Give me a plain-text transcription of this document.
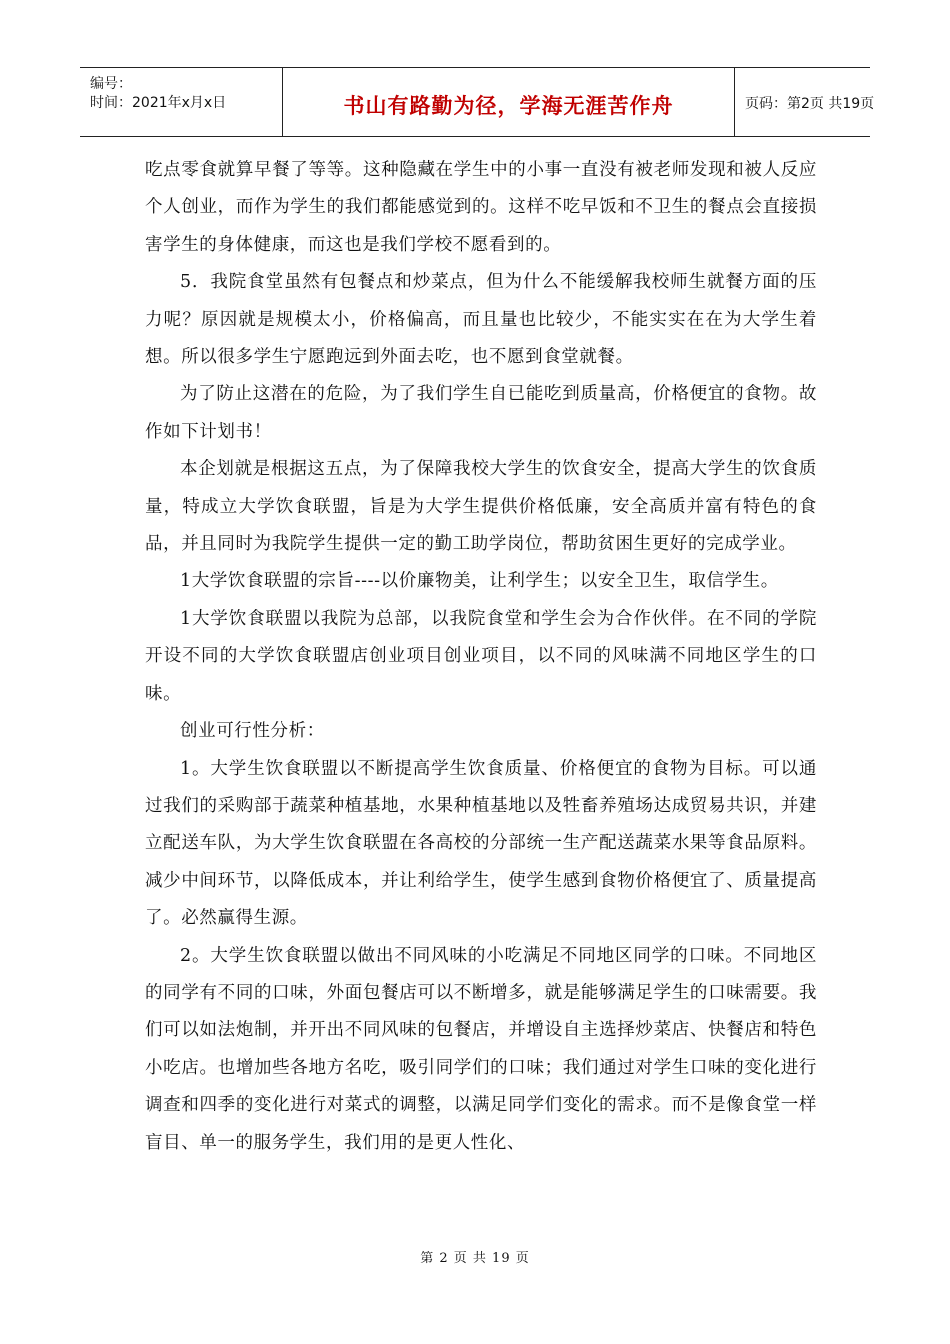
编号：
时间：2021年x月x日	书山有路勤为径，学海无涯苦作舟	页码：第2页 共19页

吃点零食就算早餐了等等。这种隐藏在学生中的小事一直没有被老师发现和被人反应个人创业，而作为学生的我们都能感觉到的。这样不吃早饭和不卫生的餐点会直接损害学生的身体健康，而这也是我们学校不愿看到的。

5．我院食堂虽然有包餐点和炒菜点，但为什么不能缓解我校师生就餐方面的压力呢？原因就是规模太小，价格偏高，而且量也比较少，不能实实在在为大学生着想。所以很多学生宁愿跑远到外面去吃，也不愿到食堂就餐。

为了防止这潜在的危险，为了我们学生自已能吃到质量高，价格便宜的食物。故作如下计划书！

本企划就是根据这五点，为了保障我校大学生的饮食安全，提高大学生的饮食质量，特成立大学饮食联盟，旨是为大学生提供价格低廉，安全高质并富有特色的食品，并且同时为我院学生提供一定的勤工助学岗位，帮助贫困生更好的完成学业。

1大学饮食联盟的宗旨----以价廉物美，让利学生；以安全卫生，取信学生。

1大学饮食联盟以我院为总部，以我院食堂和学生会为合作伙伴。在不同的学院开设不同的大学饮食联盟店创业项目创业项目，以不同的风味满不同地区学生的口味。

创业可行性分析：

1。大学生饮食联盟以不断提高学生饮食质量、价格便宜的食物为目标。可以通过我们的采购部于蔬菜种植基地，水果种植基地以及牲畜养殖场达成贸易共识，并建立配送车队，为大学生饮食联盟在各高校的分部统一生产配送蔬菜水果等食品原料。减少中间环节，以降低成本，并让利给学生，使学生感到食物价格便宜了、质量提高了。必然赢得生源。

2。大学生饮食联盟以做出不同风味的小吃满足不同地区同学的口味。不同地区的同学有不同的口味，外面包餐店可以不断增多，就是能够满足学生的口味需要。我们可以如法炮制，并开出不同风味的包餐店，并增设自主选择炒菜店、快餐店和特色小吃店。也增加些各地方名吃，吸引同学们的口味；我们通过对学生口味的变化进行调查和四季的变化进行对菜式的调整，以满足同学们变化的需求。而不是像食堂一样盲目、单一的服务学生，我们用的是更人性化、

第 2 页 共 19 页
